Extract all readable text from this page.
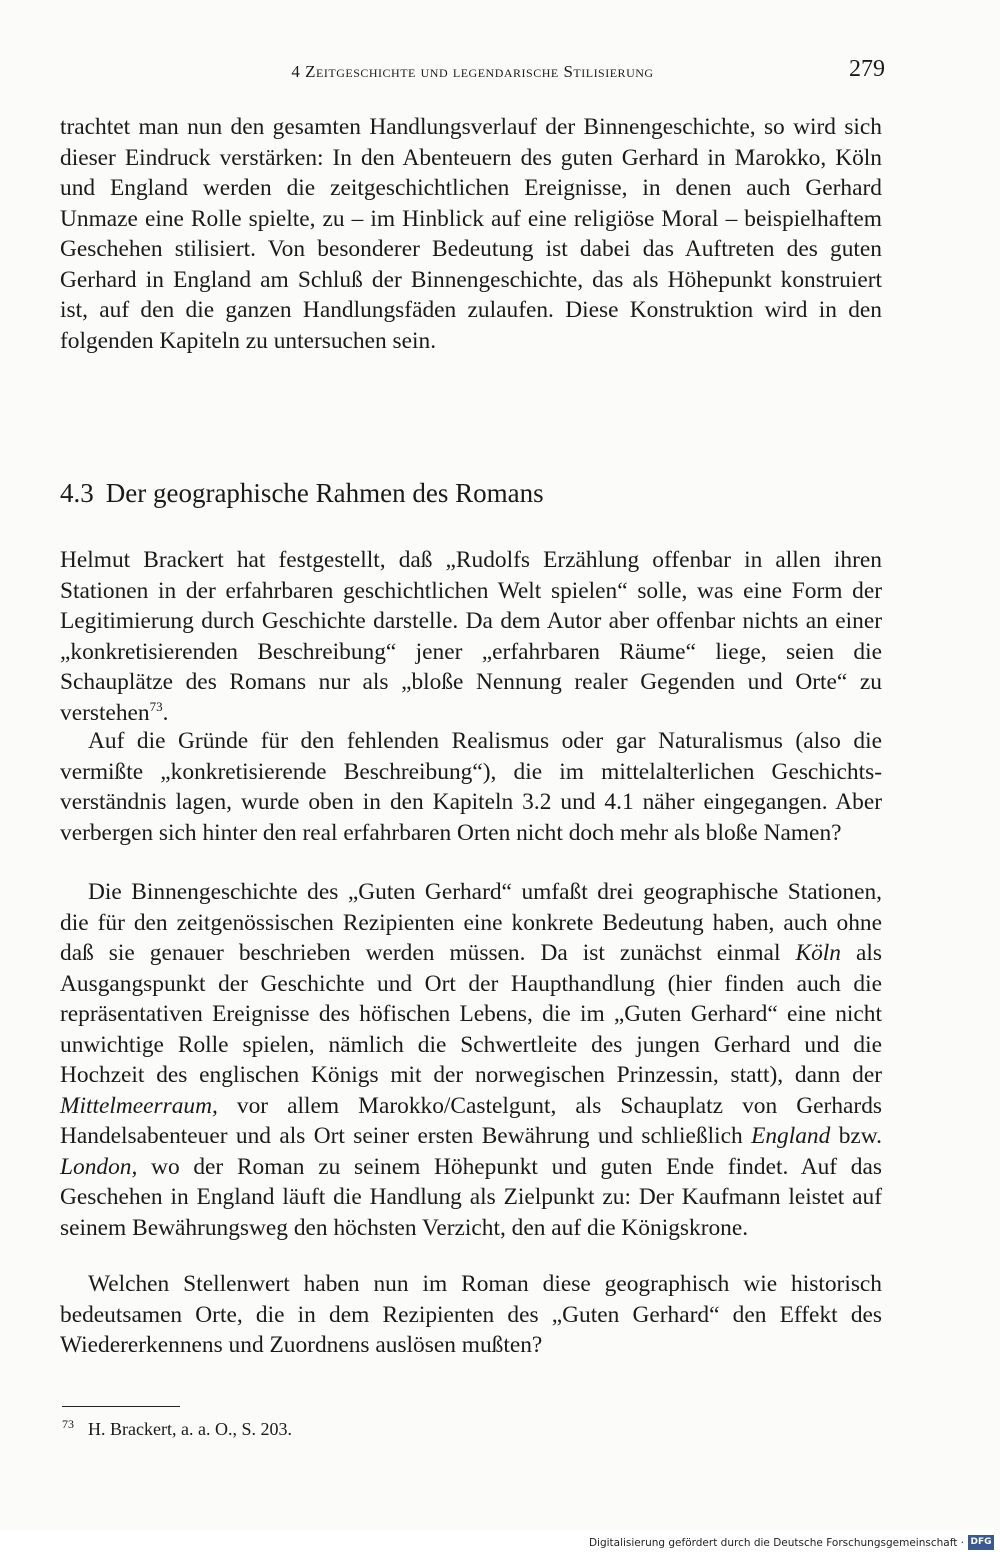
4 Zeitgeschichte und legendarische Stilisierung	279

trachtet man nun den gesamten Handlungsverlauf der Binnengeschichte, so wird sich dieser Eindruck verstärken: In den Abenteuern des guten Gerhard in Marokko, Köln und England werden die zeitgeschichtlichen Ereignisse, in denen auch Gerhard Unmaze eine Rolle spielte, zu – im Hinblick auf eine religiöse Moral – beispielhaftem Geschehen stilisiert. Von besonderer Bedeutung ist dabei das Auftreten des guten Gerhard in England am Schluß der Binnengeschichte, das als Höhepunkt konstruiert ist, auf den die ganzen Handlungsfäden zulaufen. Diese Konstruktion wird in den folgenden Kapiteln zu untersuchen sein.

4.3 Der geographische Rahmen des Romans

Helmut Brackert hat festgestellt, daß „Rudolfs Erzählung offenbar in allen ihren Stationen in der erfahrbaren geschichtlichen Welt spielen“ solle, was eine Form der Legitimierung durch Geschichte darstelle. Da dem Autor aber offenbar nichts an einer „konkretisierenden Beschreibung“ jener „erfahrbaren Räume“ liege, seien die Schauplätze des Romans nur als „bloße Nennung realer Gegenden und Orte“ zu verstehen$^{73}$.

Auf die Gründe für den fehlenden Realismus oder gar Naturalismus (also die vermißte „konkretisierende Beschreibung“), die im mittelalterlichen Geschichtsverständnis lagen, wurde oben in den Kapiteln 3.2 und 4.1 näher eingegangen. Aber verbergen sich hinter den real erfahrbaren Orten nicht doch mehr als bloße Namen?

Die Binnengeschichte des „Guten Gerhard“ umfaßt drei geographische Stationen, die für den zeitgenössischen Rezipienten eine konkrete Bedeutung haben, auch ohne daß sie genauer beschrieben werden müssen. Da ist zunächst einmal Köln als Ausgangspunkt der Geschichte und Ort der Haupthandlung (hier finden auch die repräsentativen Ereignisse des höfischen Lebens, die im „Guten Gerhard“ eine nicht unwichtige Rolle spielen, nämlich die Schwertleite des jungen Gerhard und die Hochzeit des englischen Königs mit der norwegischen Prinzessin, statt), dann der Mittelmeerraum, vor allem Marokko/Castelgunt, als Schauplatz von Gerhards Handelsabenteuer und als Ort seiner ersten Bewährung und schließlich England bzw. London, wo der Roman zu seinem Höhepunkt und guten Ende findet. Auf das Geschehen in England läuft die Handlung als Zielpunkt zu: Der Kaufmann leistet auf seinem Bewährungsweg den höchsten Verzicht, den auf die Königskrone.

Welchen Stellenwert haben nun im Roman diese geographisch wie historisch bedeutsamen Orte, die in dem Rezipienten des „Guten Gerhard“ den Effekt des Wiedererkennens und Zuordnens auslösen mußten?

$^{73}$ H. Brackert, a. a. O., S. 203.

Digitalisierung gefördert durch die Deutsche Forschungsgemeinschaft · DFG
